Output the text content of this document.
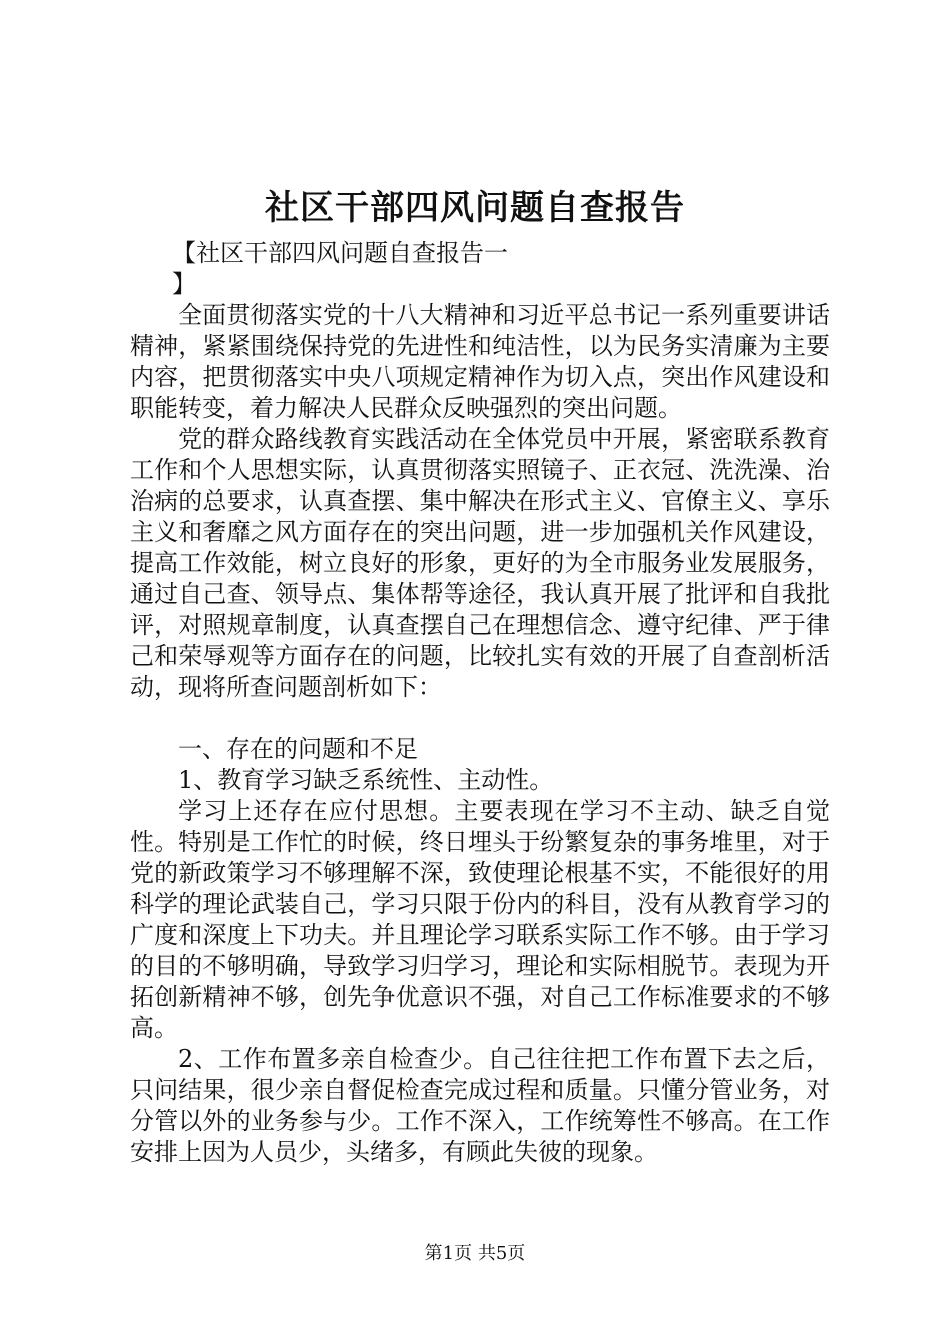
社区干部四风问题自查报告

【社区干部四风问题自查报告一

】

全面贯彻落实党的十八大精神和习近平总书记一系列重要讲话精神，紧紧围绕保持党的先进性和纯洁性，以为民务实清廉为主要内容，把贯彻落实中央八项规定精神作为切入点，突出作风建设和职能转变，着力解决人民群众反映强烈的突出问题。

党的群众路线教育实践活动在全体党员中开展，紧密联系教育工作和个人思想实际，认真贯彻落实照镜子、正衣冠、洗洗澡、治治病的总要求，认真查摆、集中解决在形式主义、官僚主义、享乐主义和奢靡之风方面存在的突出问题，进一步加强机关作风建设，提高工作效能，树立良好的形象，更好的为全市服务业发展服务，通过自己查、领导点、集体帮等途径，我认真开展了批评和自我批评，对照规章制度，认真查摆自己在理想信念、遵守纪律、严于律己和荣辱观等方面存在的问题，比较扎实有效的开展了自查剖析活动，现将所查问题剖析如下：

一、存在的问题和不足

1、教育学习缺乏系统性、主动性。

学习上还存在应付思想。主要表现在学习不主动、缺乏自觉性。特别是工作忙的时候，终日埋头于纷繁复杂的事务堆里，对于党的新政策学习不够理解不深，致使理论根基不实，不能很好的用科学的理论武装自己，学习只限于份内的科目，没有从教育学习的广度和深度上下功夫。并且理论学习联系实际工作不够。由于学习的目的不够明确，导致学习归学习，理论和实际相脱节。表现为开拓创新精神不够，创先争优意识不强，对自己工作标准要求的不够高。

2、工作布置多亲自检查少。自己往往把工作布置下去之后，只问结果，很少亲自督促检查完成过程和质量。只懂分管业务，对分管以外的业务参与少。工作不深入，工作统筹性不够高。在工作安排上因为人员少，头绪多，有顾此失彼的现象。

第1页 共5页
